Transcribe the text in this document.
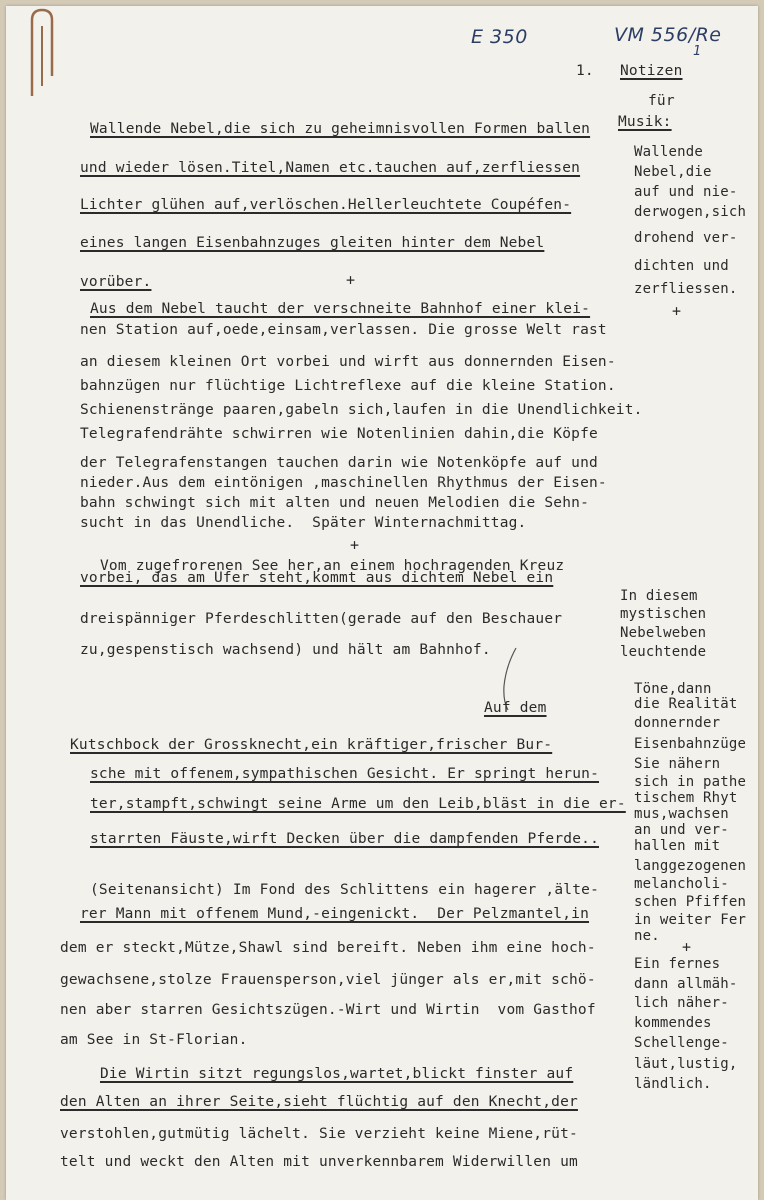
E 350	VM 556/Re
1
1. Notizen
für
Musik:
Wallende Nebel,die sich zu geheimnisvollen Formen ballen
und wieder lösen.Titel,Namen etc.tauchen auf,zerfliessen
Lichter glühen auf,verlöschen.Hellerleuchtete Coupéfen-
eines langen Eisenbahnzuges gleiten hinter dem Nebel
vorüber.	+
Aus dem Nebel taucht der verschneite Bahnhof einer klei-
nen Station auf,oede,einsam,verlassen. Die grosse Welt rast
an diesem kleinen Ort vorbei und wirft aus donnernden Eisen-
bahnzügen nur flüchtige Lichtreflexe auf die kleine Station.
Schienenstränge paaren,gabeln sich,laufen in die Unendlichkeit.
Telegrafendrähte schwirren wie Notenlinien dahin,die Köpfe
der Telegrafenstangen tauchen darin wie Notenköpfe auf und
nieder.Aus dem eintönigen ,maschinellen Rhythmus der Eisen-
bahn schwingt sich mit alten und neuen Melodien die Sehn-
sucht in das Unendliche.  Später Winternachmittag.
+
Vom zugefrorenen See her,an einem hochragenden Kreuz
vorbei, das am Ufer steht,kommt aus dichtem Nebel ein
dreispänniger Pferdeschlitten(gerade auf den Beschauer
zu,gespenstisch wachsend) und hält am Bahnhof.
Auf dem
Kutschbock der Grossknecht,ein kräftiger,frischer Bur-
sche mit offenem,sympathischen Gesicht. Er springt herun-
ter,stampft,schwingt seine Arme um den Leib,bläst in die er-
starrten Fäuste,wirft Decken über die dampfenden Pferde..
(Seitenansicht) Im Fond des Schlittens ein hagerer ,älte-
rer Mann mit offenem Mund,-eingenickt.  Der Pelzmantel,in
dem er steckt,Mütze,Shawl sind bereift. Neben ihm eine hoch-
gewachsene,stolze Frauensperson,viel jünger als er,mit schö-
nen aber starren Gesichtszügen.-Wirt und Wirtin  vom Gasthof
am See in St-Florian.
Die Wirtin sitzt regungslos,wartet,blickt finster auf
den Alten an ihrer Seite,sieht flüchtig auf den Knecht,der
verstohlen,gutmütig lächelt. Sie verzieht keine Miene,rüt-
telt und weckt den Alten mit unverkennbarem Widerwillen um
Wallende
Nebel,die
auf und nie-
derwogen,sich
drohend ver-
dichten und
zerfliessen.
+
In diesem
mystischen
Nebelweben
leuchtende
Töne,dann
die Realität
donnernder
Eisenbahnzüge
Sie nähern
sich in pathe
tischem Rhyt
mus,wachsen
an und ver-
hallen mit
langgezogenen
melancholi-
schen Pfiffen
in weiter Fer
ne.
+
Ein fernes
dann allmäh-
lich näher-
kommendes
Schellenge-
läut,lustig,
ländlich.
